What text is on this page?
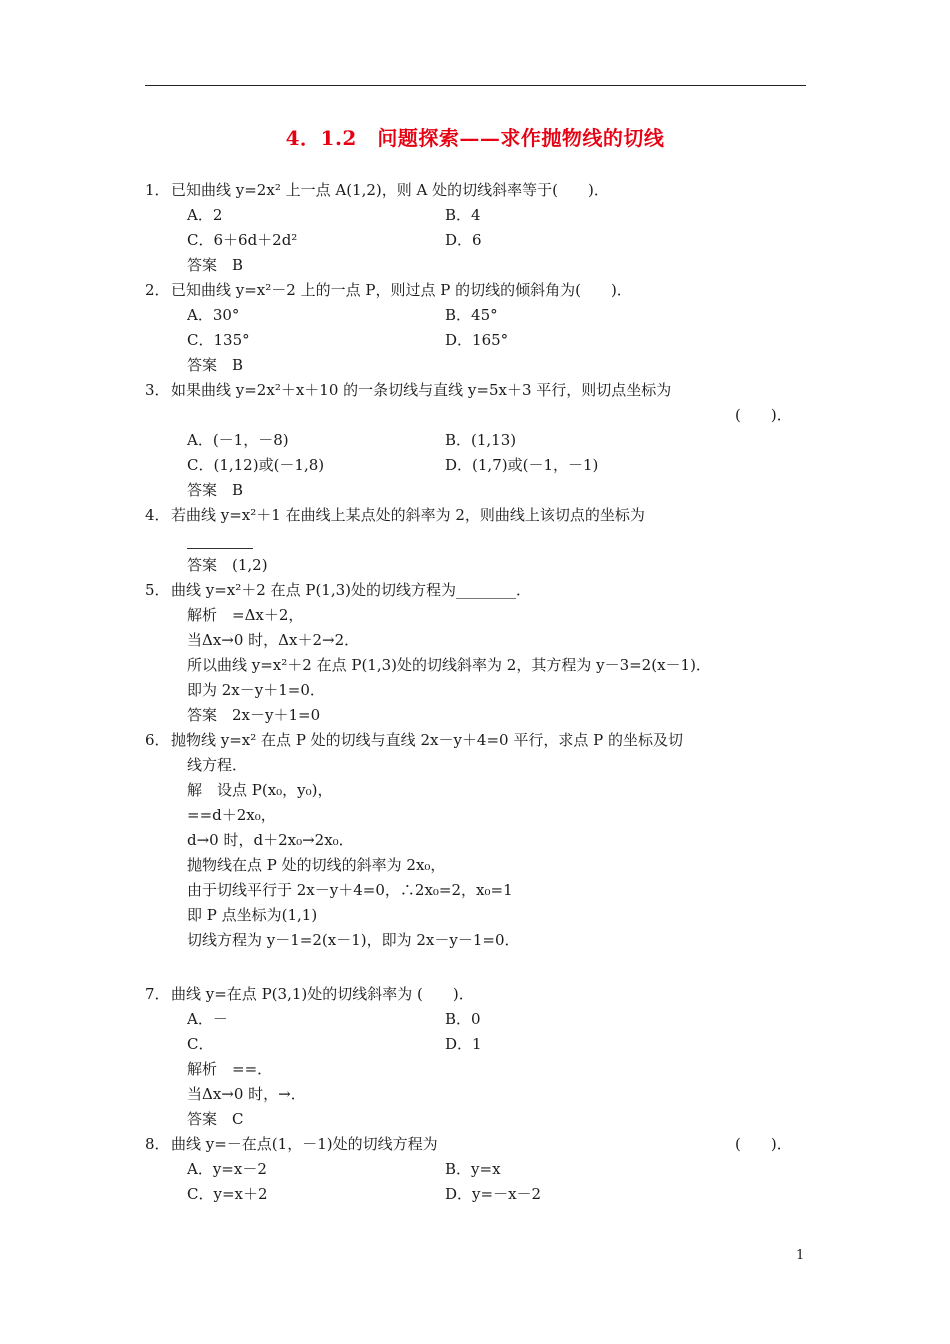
4．1.2　问题探索——求作抛物线的切线
1． 已知曲线 y=2x² 上一点 A(1,2)，则 A 处的切线斜率等于(　　)．
A．2	B．4
C．6＋6d＋2d²	D．6
答案　B
2． 已知曲线 y=x²－2 上的一点 P，则过点 P 的切线的倾斜角为(　　)．
A．30°	B．45°
C．135°	D．165°
答案　B
3． 如果曲线 y=2x²＋x＋10 的一条切线与直线 y=5x＋3 平行，则切点坐标为
(　　)．
A．(－1，－8)	B．(1,13)
C．(1,12)或(－1,8)	D．(1,7)或(－1，－1)
答案　B
4． 若曲线 y=x²＋1 在曲线上某点处的斜率为 2，则曲线上该切点的坐标为
答案　(1,2)
5． 曲线 y=x²＋2 在点 P(1,3)处的切线方程为________．
解析　=Δx＋2，
当Δx→0 时，Δx＋2→2．
所以曲线 y=x²＋2 在点 P(1,3)处的切线斜率为 2，其方程为 y－3=2(x－1)．
即为 2x－y＋1=0．
答案　2x－y＋1=0
6． 抛物线 y=x² 在点 P 处的切线与直线 2x－y＋4=0 平行，求点 P 的坐标及切
线方程．
解　设点 P(x₀，y₀)，
==d＋2x₀，
d→0 时，d＋2x₀→2x₀．
抛物线在点 P 处的切线的斜率为 2x₀，
由于切线平行于 2x－y＋4=0，∴2x₀=2，x₀=1
即 P 点坐标为(1,1)
切线方程为 y－1=2(x－1)，即为 2x－y－1=0．
7． 曲线 y=在点 P(3,1)处的切线斜率为 (　　)．
A．－	B．0
C．	D．1
解析　==．
当Δx→0 时，→．
答案　C
8． 曲线 y=－在点(1，－1)处的切线方程为	(　　)．
A．y=x－2	B．y=x
C．y=x＋2	D．y=－x－2
1
